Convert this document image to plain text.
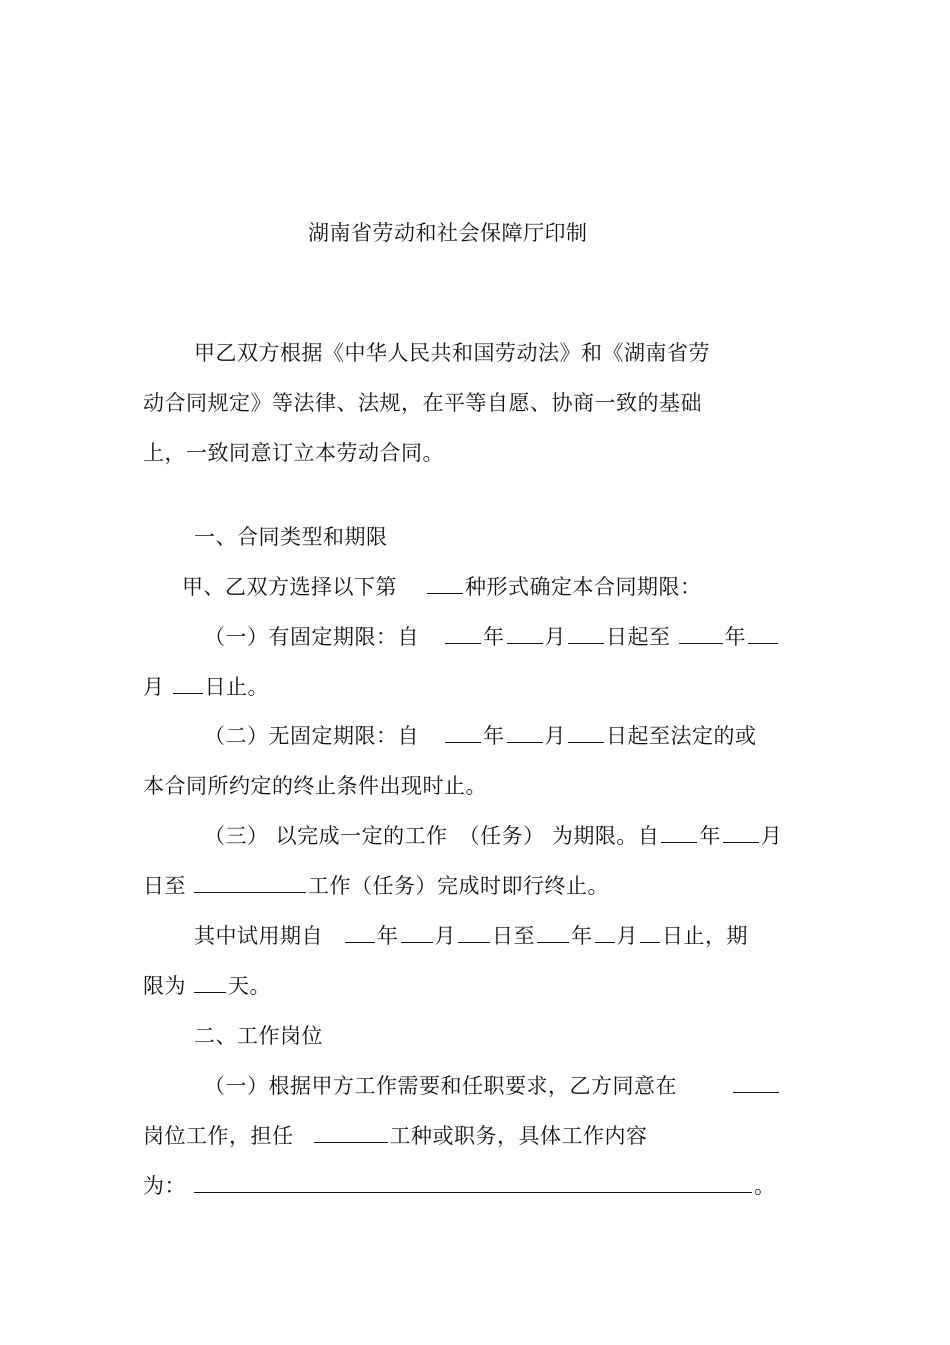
湖南省劳动和社会保障厅印制
甲乙双方根据《中华人民共和国劳动法》和《湖南省劳
动合同规定》等法律、法规，在平等自愿、协商一致的基础
上，一致同意订立本劳动合同。
一、合同类型和期限
甲、乙双方选择以下第	种形式确定本合同期限：
（一）有固定期限：自	年 月 日起至	年
月 日止。
（二）无固定期限：自	年 月 日起至法定的或
本合同所约定的终止条件出现时止。
（三） 以完成一定的工作　（任务） 为期限。自 年 月
日至	工作（任务）完成时即行终止。
其中试用期自	年 月 日至 年 月 日止，期
限为 天。
二、工作岗位
（一）根据甲方工作需要和任职要求，乙方同意在
岗位工作，担任	工种或职务，具体工作内容
为：	。
